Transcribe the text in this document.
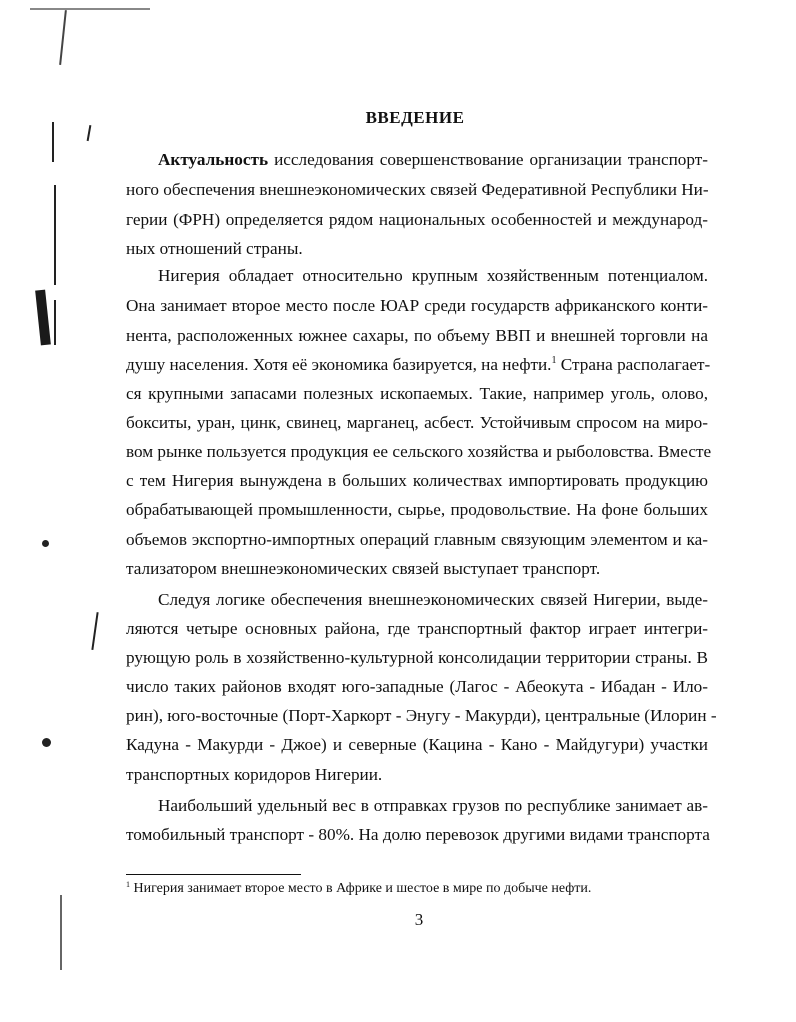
ВВЕДЕНИЕ
Актуальность исследования совершенствование организации транспорт-
ного обеспечения внешнеэкономических связей Федеративной Республики Ни-
герии (ФРН) определяется рядом национальных особенностей и международ-
ных отношений страны.
Нигерия обладает относительно крупным хозяйственным потенциалом.
Она занимает второе место после ЮАР среди государств африканского конти-
нента, расположенных южнее сахары, по объему ВВП и внешней торговли на
душу населения. Хотя её экономика базируется, на нефти.$^1$ Страна располагает-
ся крупными запасами полезных ископаемых. Такие, например уголь, олово,
бокситы, уран, цинк, свинец, марганец, асбест. Устойчивым спросом на миро-
вом рынке пользуется продукция ее сельского хозяйства и рыболовства. Вместе
с тем Нигерия вынуждена в больших количествах импортировать продукцию
обрабатывающей промышленности, сырье, продовольствие. На фоне больших
объемов экспортно-импортных операций главным связующим элементом и ка-
тализатором внешнеэкономических связей выступает транспорт.
Следуя логике обеспечения внешнеэкономических связей Нигерии, выде-
ляются четыре основных района, где транспортный фактор играет интегри-
рующую роль в хозяйственно-культурной консолидации территории страны. В
число таких районов входят юго-западные (Лагос - Абеокута - Ибадан - Ило-
рин), юго-восточные (Порт-Харкорт - Энугу - Макурди), центральные (Илорин -
Кадуна - Макурди - Джое) и северные (Кацина - Кано - Майдугури) участки
транспортных коридоров Нигерии.
Наибольший удельный вес в отправках грузов по республике занимает ав-
томобильный транспорт - 80%. На долю перевозок другими видами транспорта
$^1$ Нигерия занимает второе место в Африке и шестое в мире по добыче нефти.
3
